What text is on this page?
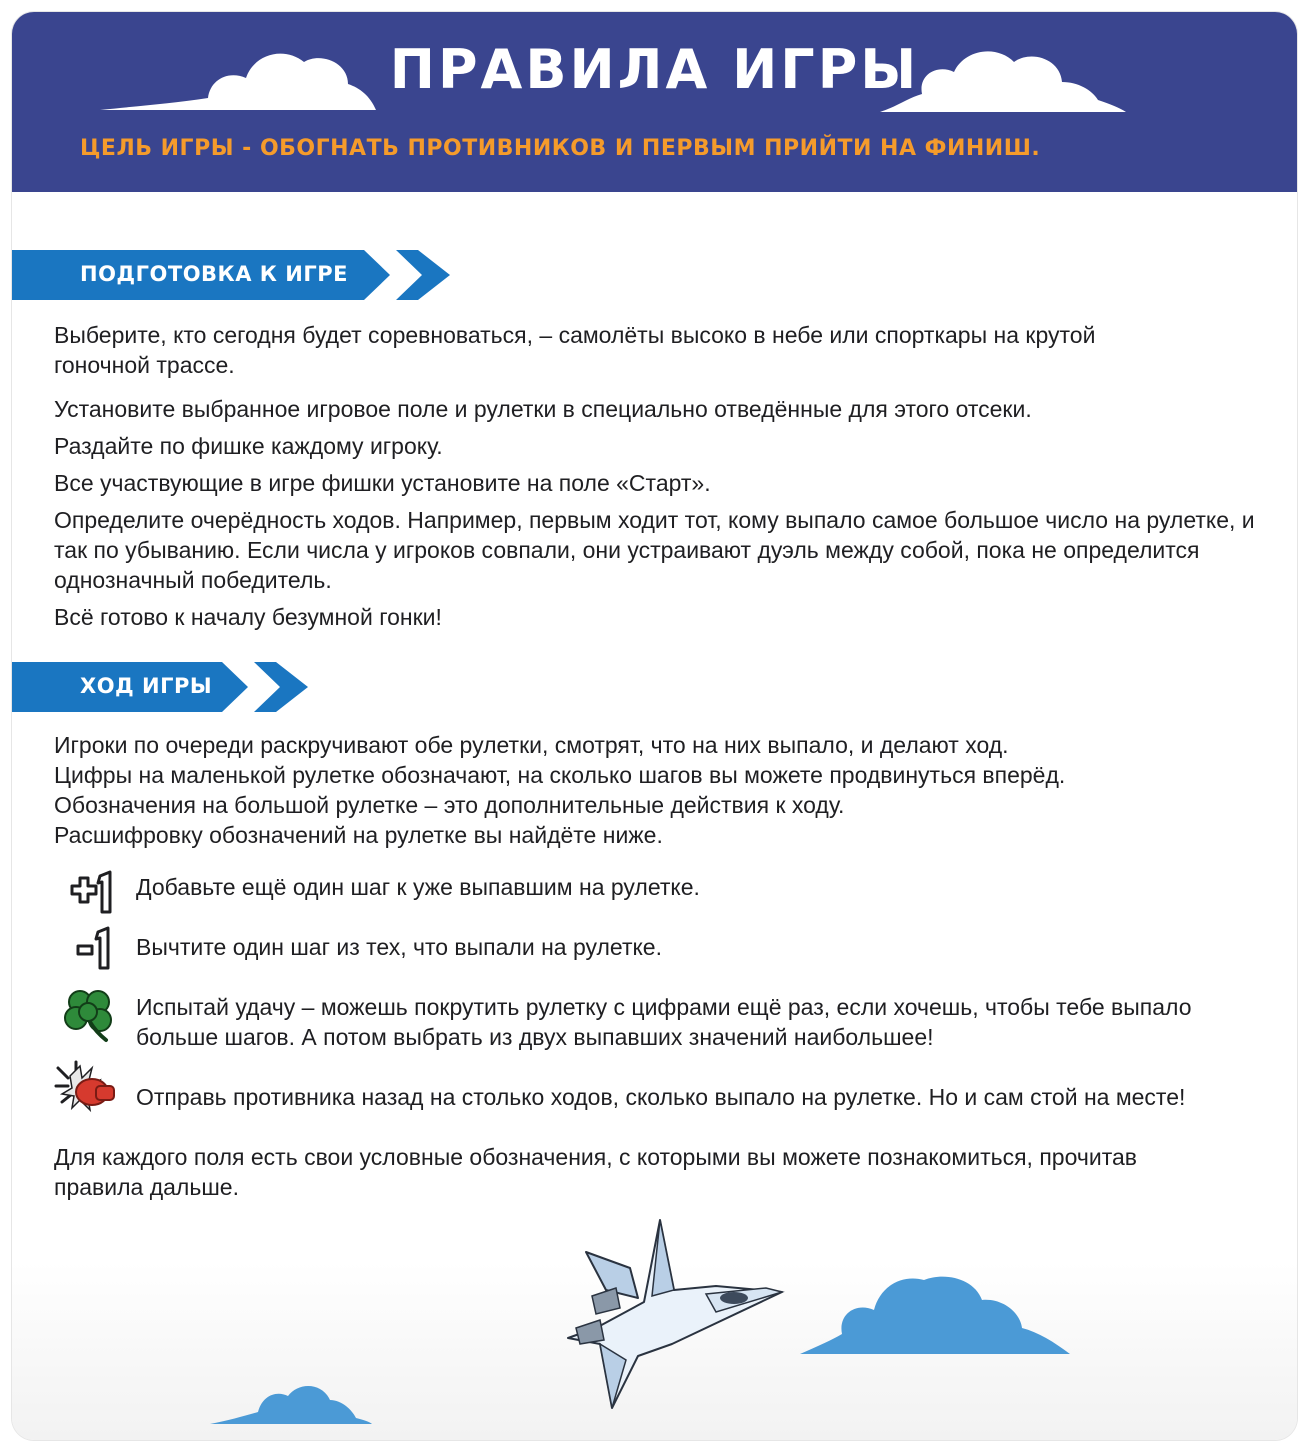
ПРАВИЛА ИГРЫ
ЦЕЛЬ ИГРЫ - ОБОГНАТЬ ПРОТИВНИКОВ И ПЕРВЫМ ПРИЙТИ НА ФИНИШ.
ПОДГОТОВКА К ИГРЕ
Выберите, кто сегодня будет соревноваться, – самолёты высоко в небе или спорткары на крутой гоночной трассе.
Установите выбранное игровое поле и рулетки в специально отведённые для этого отсеки.
Раздайте по фишке каждому игроку.
Все участвующие в игре фишки установите на поле «Старт».
Определите очерёдность ходов. Например, первым ходит тот, кому выпало самое большое число на рулетке, и так по убыванию. Если числа у игроков совпали, они устраивают дуэль между собой, пока не определится однозначный победитель.
Всё готово к началу безумной гонки!
ХОД ИГРЫ
Игроки по очереди раскручивают обе рулетки, смотрят, что на них выпало, и делают ход.
Цифры на маленькой рулетке обозначают, на сколько шагов вы можете продвинуться вперёд.
Обозначения на большой рулетке – это дополнительные действия к ходу.
Расшифровку обозначений на рулетке вы найдёте ниже.
+1
Добавьте ещё один шаг к уже выпавшим на рулетке.
-1
Вычтите один шаг из тех, что выпали на рулетке.
Испытай удачу – можешь покрутить рулетку с цифрами ещё раз, если хочешь, чтобы тебе выпало больше шагов. А потом выбрать из двух выпавших значений наибольшее!
Отправь противника назад на столько ходов, сколько выпало на рулетке. Но и сам стой на месте!
Для каждого поля есть свои условные обозначения, с которыми вы можете познакомиться, прочитав правила дальше.
